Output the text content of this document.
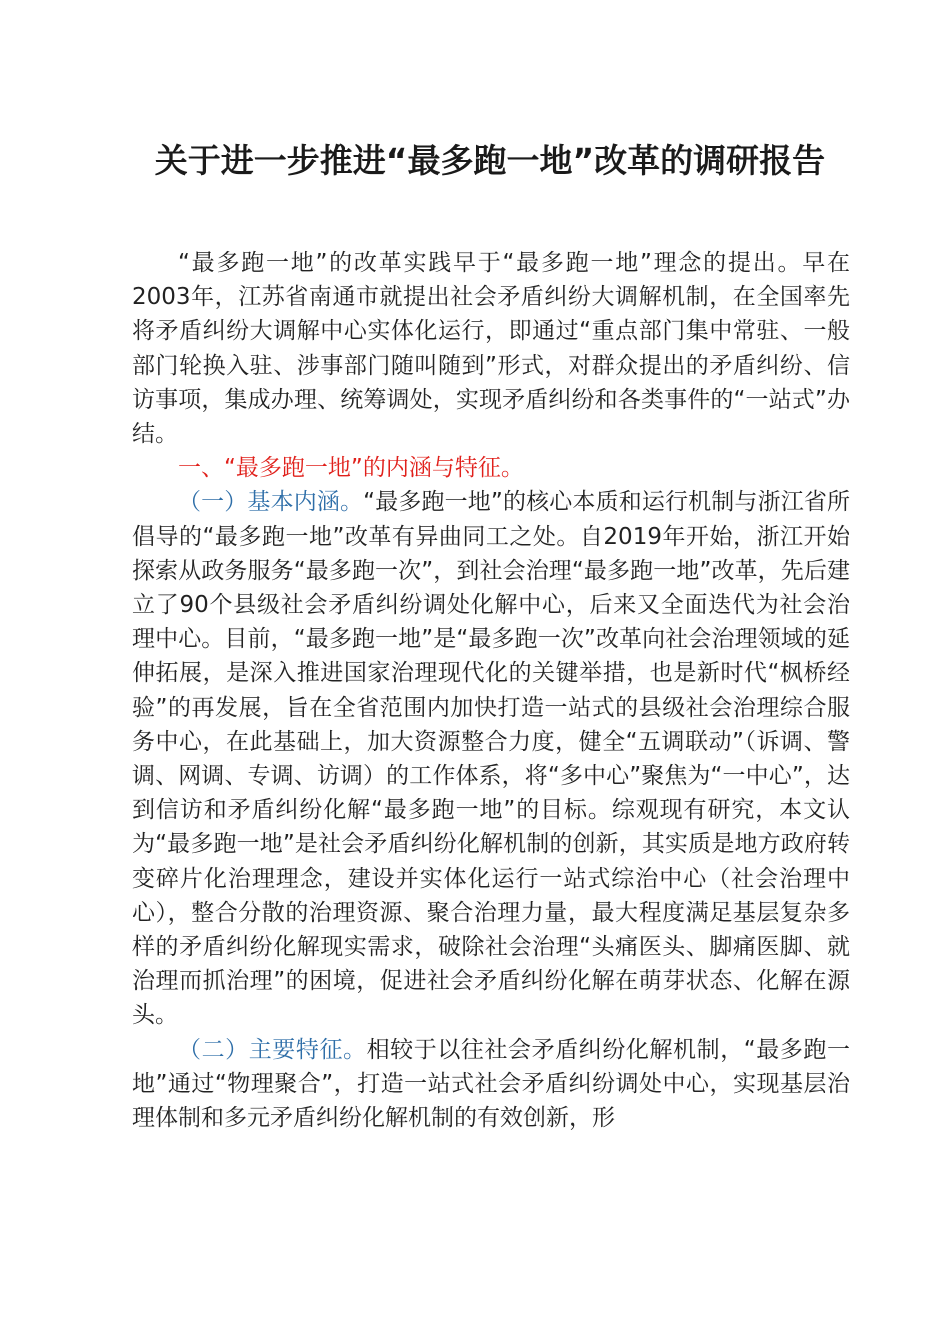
关于进一步推进“最多跑一地”改革的调研报告

“最多跑一地”的改革实践早于“最多跑一地”理念的提出。早在2003年，江苏省南通市就提出社会矛盾纠纷大调解机制，在全国率先将矛盾纠纷大调解中心实体化运行，即通过“重点部门集中常驻、一般部门轮换入驻、涉事部门随叫随到”形式，对群众提出的矛盾纠纷、信访事项，集成办理、统筹调处，实现矛盾纠纷和各类事件的“一站式”办结。

一、“最多跑一地”的内涵与特征。

（一）基本内涵。“最多跑一地”的核心本质和运行机制与浙江省所倡导的“最多跑一地”改革有异曲同工之处。自2019年开始，浙江开始探索从政务服务“最多跑一次”，到社会治理“最多跑一地”改革，先后建立了90个县级社会矛盾纠纷调处化解中心，后来又全面迭代为社会治理中心。目前，“最多跑一地”是“最多跑一次”改革向社会治理领域的延伸拓展，是深入推进国家治理现代化的关键举措，也是新时代“枫桥经验”的再发展，旨在全省范围内加快打造一站式的县级社会治理综合服务中心，在此基础上，加大资源整合力度，健全“五调联动”（诉调、警调、网调、专调、访调）的工作体系，将“多中心”聚焦为“一中心”，达到信访和矛盾纠纷化解“最多跑一地”的目标。综观现有研究，本文认为“最多跑一地”是社会矛盾纠纷化解机制的创新，其实质是地方政府转变碎片化治理理念，建设并实体化运行一站式综治中心（社会治理中心），整合分散的治理资源、聚合治理力量，最大程度满足基层复杂多样的矛盾纠纷化解现实需求，破除社会治理“头痛医头、脚痛医脚、就治理而抓治理”的困境，促进社会矛盾纠纷化解在萌芽状态、化解在源头。

（二）主要特征。相较于以往社会矛盾纠纷化解机制，“最多跑一地”通过“物理聚合”，打造一站式社会矛盾纠纷调处中心，实现基层治理体制和多元矛盾纠纷化解机制的有效创新，形
